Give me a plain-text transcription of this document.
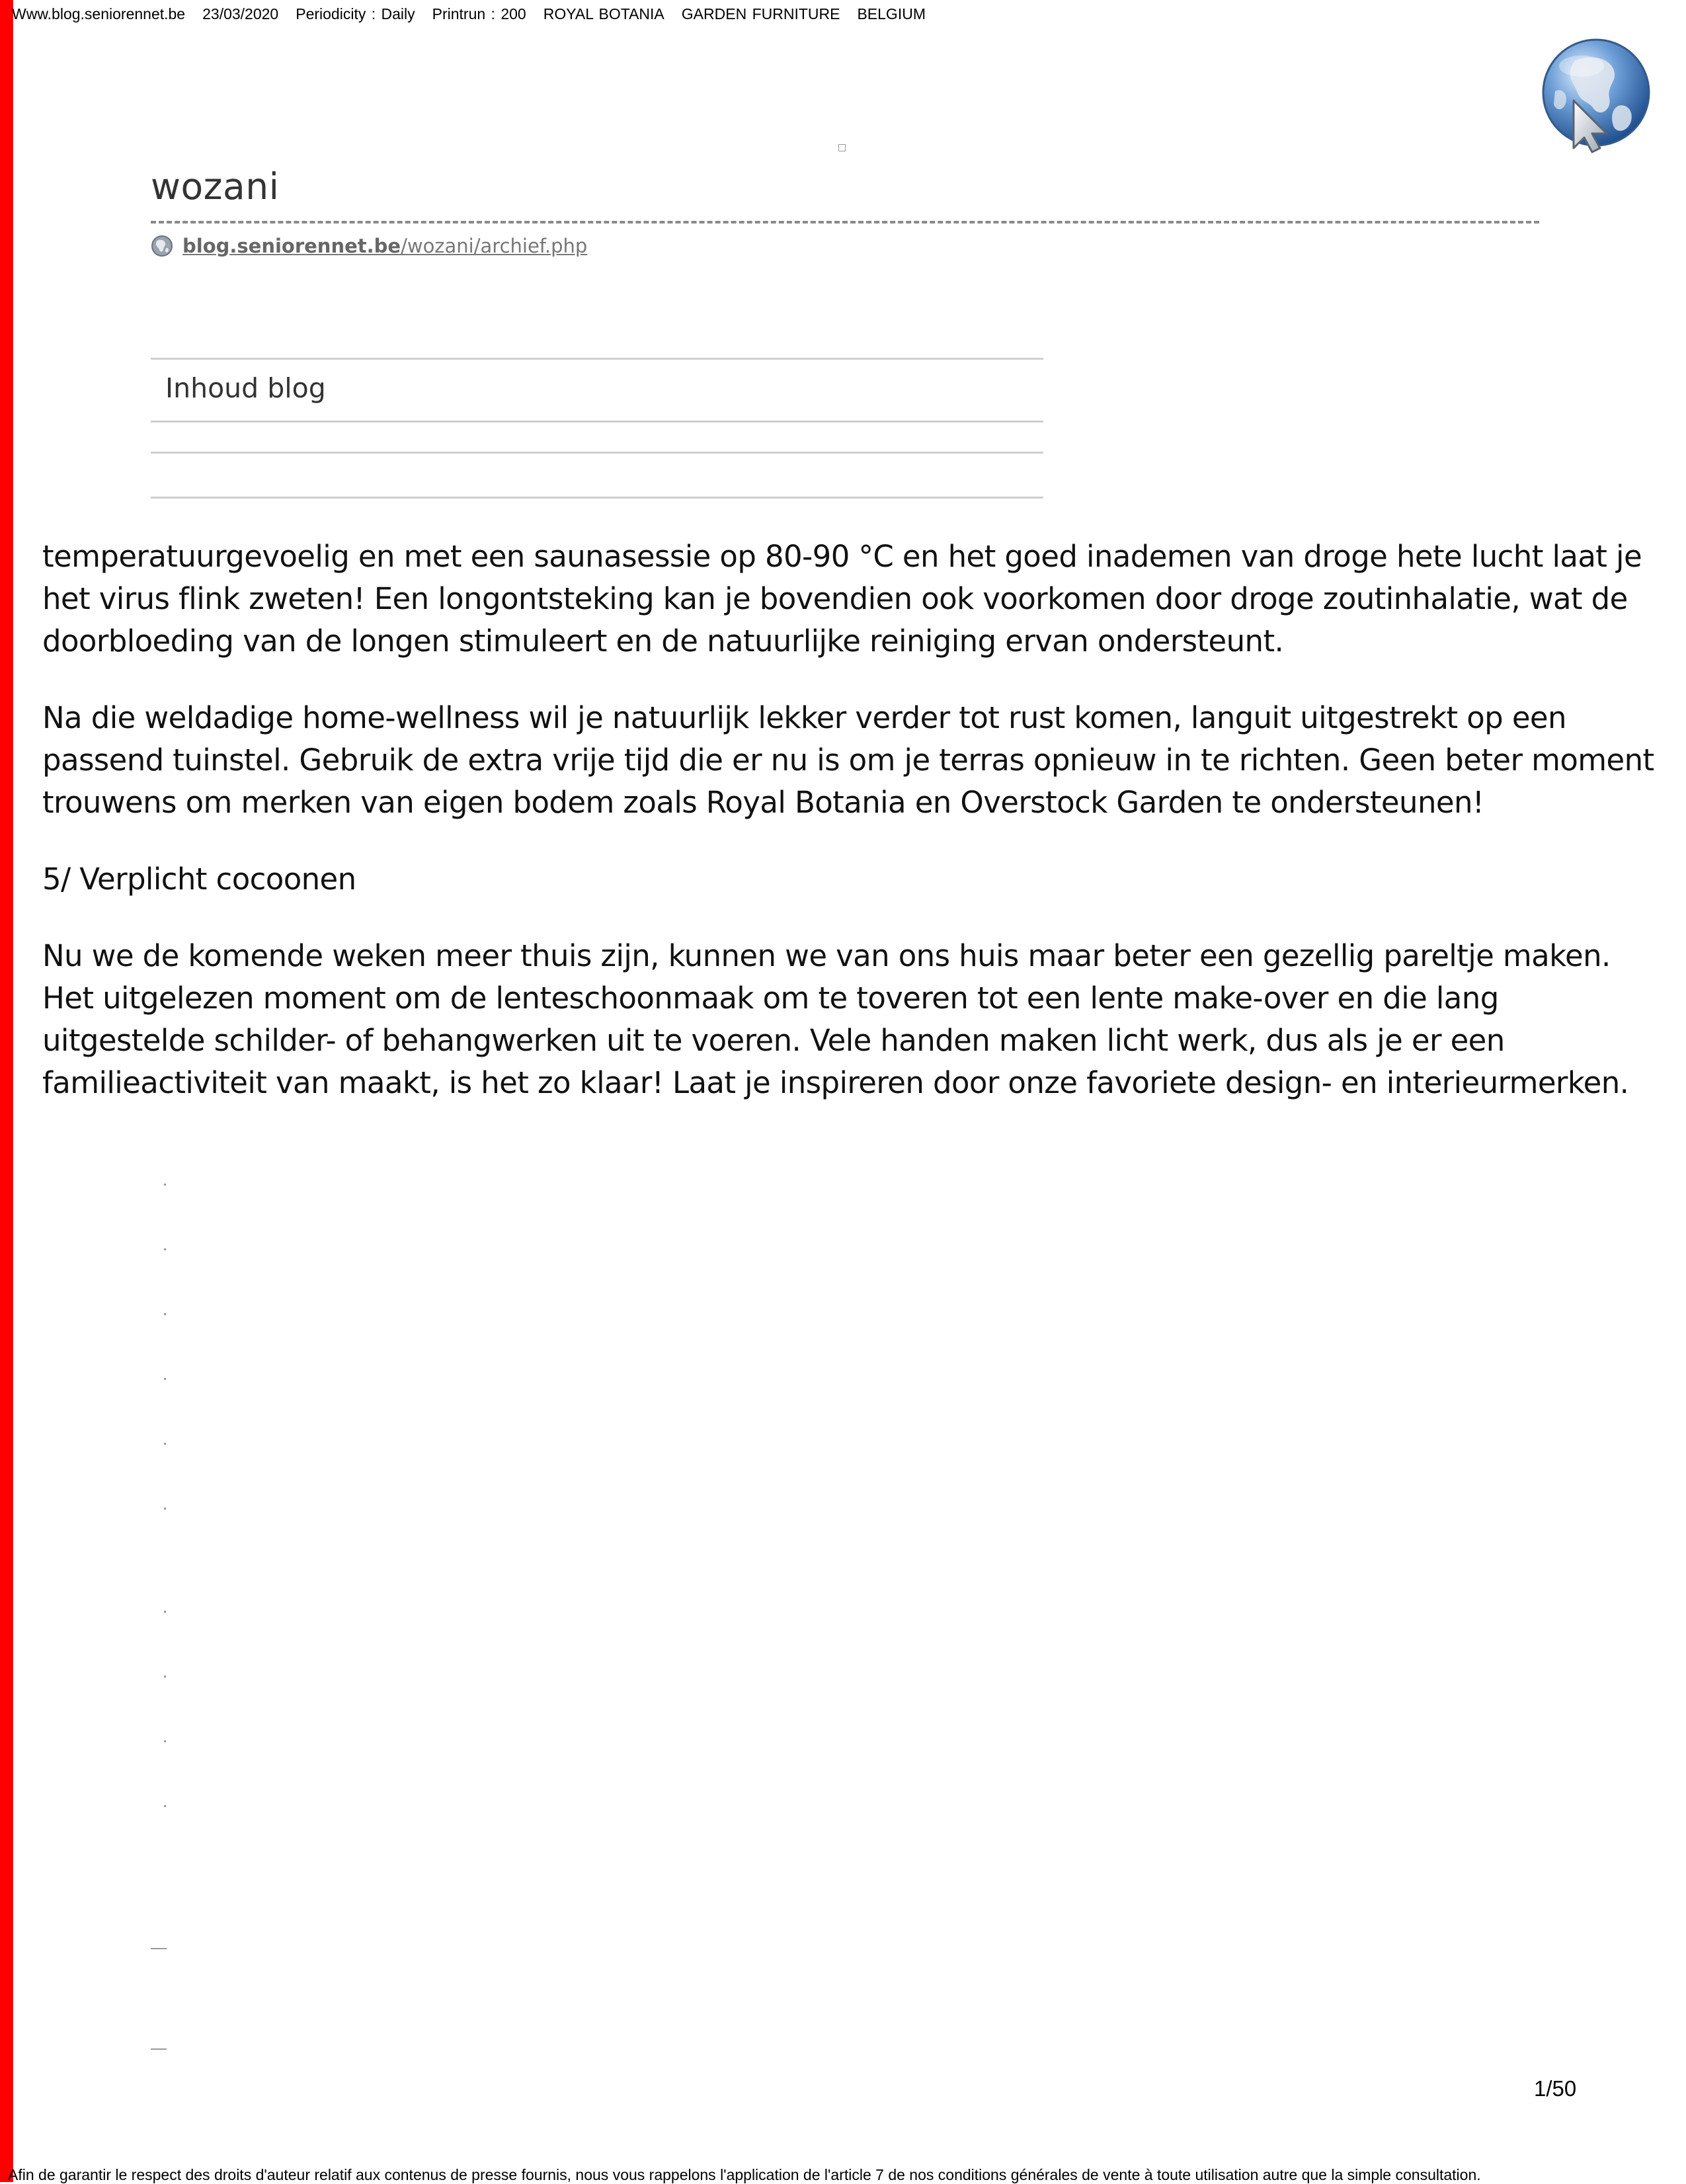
Www.blog.seniorennet.be 23/03/2020 Periodicity : Daily Printrun : 200 ROYAL BOTANIA GARDEN FURNITURE BELGIUM
wozani
blog.seniorennet.be/wozani/archief.php
Inhoud blog

temperatuurgevoelig en met een saunasessie op 80-90 °C en het goed inademen van droge hete lucht laat je het virus flink zweten! Een longontsteking kan je bovendien ook voorkomen door droge zoutinhalatie, wat de doorbloeding van de longen stimuleert en de natuurlijke reiniging ervan ondersteunt.

Na die weldadige home-wellness wil je natuurlijk lekker verder tot rust komen, languit uitgestrekt op een passend tuinstel. Gebruik de extra vrije tijd die er nu is om je terras opnieuw in te richten. Geen beter moment trouwens om merken van eigen bodem zoals Royal Botania en Overstock Garden te ondersteunen!

5/ Verplicht cocoonen

Nu we de komende weken meer thuis zijn, kunnen we van ons huis maar beter een gezellig pareltje maken. Het uitgelezen moment om de lenteschoonmaak om te toveren tot een lente make-over en die lang uitgestelde schilder- of behangwerken uit te voeren. Vele handen maken licht werk, dus als je er een familieactiviteit van maakt, is het zo klaar! Laat je inspireren door onze favoriete design- en interieurmerken.

1/50
Afin de garantir le respect des droits d'auteur relatif aux contenus de presse fournis, nous vous rappelons l'application de l'article 7 de nos conditions générales de vente à toute utilisation autre que la simple consultation.
